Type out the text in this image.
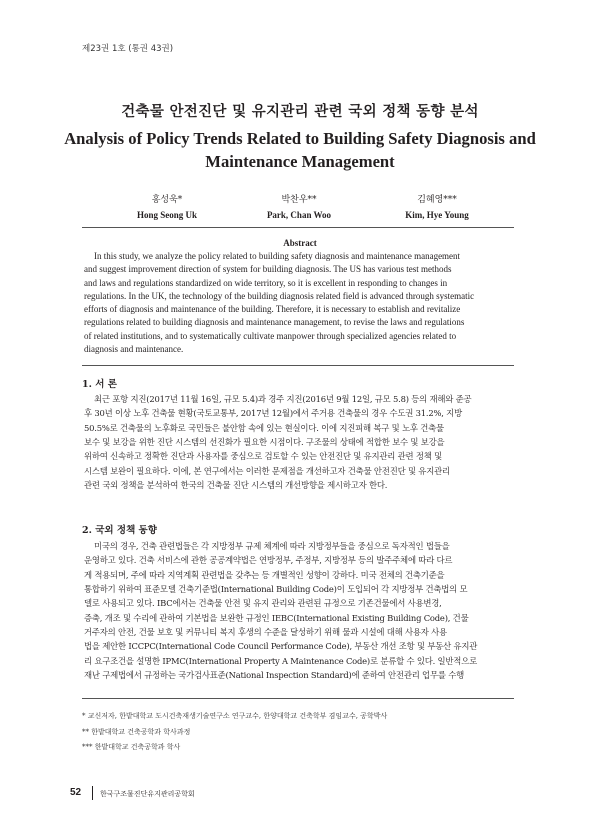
제23권 1호 (통권 43권)
건축물 안전진단 및 유지관리 관련 국외 정책 동향 분석
Analysis of Policy Trends Related to Building Safety Diagnosis and
Maintenance Management
홍성욱*
Hong Seong Uk
박찬우**
Park, Chan Woo
김혜영***
Kim, Hye Young
Abstract
In this study, we analyze the policy related to building safety diagnosis and maintenance management
and suggest improvement direction of system for building diagnosis. The US has various test methods
and laws and regulations standardized on wide territory, so it is excellent in responding to changes in
regulations. In the UK, the technology of the building diagnosis related field is advanced through systematic
efforts of diagnosis and maintenance of the building. Therefore, it is necessary to establish and revitalize
regulations related to building diagnosis and maintenance management, to revise the laws and regulations
of related institutions, and to systematically cultivate manpower through specialized agencies related to
diagnosis and maintenance.
1. 서 론
최근 포항 지진(2017년 11월 16일, 규모 5.4)과 경주 지진(2016년 9월 12일, 규모 5.8) 등의 재해와 준공
후 30년 이상 노후 건축물 현황(국토교통부, 2017년 12월)에서 주거용 건축물의 경우 수도권 31.2%, 지방
50.5%로 건축물의 노후화로 국민들은 불안함 속에 있는 현실이다. 이에 지진피해 복구 및 노후 건축물
보수 및 보강을 위한 진단 시스템의 선진화가 필요한 시점이다. 구조물의 상태에 적합한 보수 및 보강을
위하여 신속하고 정확한 진단과 사용자를 중심으로 검토할 수 있는 안전진단 및 유지관리 관련 정책 및
시스템 보완이 필요하다. 이에, 본 연구에서는 이러한 문제점을 개선하고자 건축물 안전진단 및 유지관리
관련 국외 정책을 분석하여 한국의 건축물 진단 시스템의 개선방향을 제시하고자 한다.
2. 국외 정책 동향
미국의 경우, 건축 관련법들은 각 지방정부 규제 체계에 따라 지방정부들을 중심으로 독자적인 법들을
운영하고 있다. 건축 서비스에 관한 공공계약법은 연방정부, 주정부, 지방정부 등의 발주주체에 따라 다르
게 적용되며, 주에 따라 지역계획 관련법을 갖추는 등 개별적인 성향이 강하다. 미국 전체의 건축기준을
통합하기 위하여 표준모델 건축기준법(International Building Code)이 도입되어 각 지방정부 건축법의 모
델로 사용되고 있다. IBC에서는 건축물 안전 및 유지 관리와 관련된 규정으로 기존건물에서 사용변경,
증축, 개조 및 수리에 관하여 기본법을 보완한 규정인 IEBC(International Existing Building Code), 건물
거주자의 안전, 건물 보호 및 커뮤니티 복지 후생의 수준을 달성하기 위해 물과 시설에 대해 사용자 사용
법을 제안한 ICCPC(International Code Council Performance Code), 부동산 개선 조항 및 부동산 유지관
리 요구조건을 설명한 IPMC(International Property A Maintenance Code)로 분류할 수 있다. 일반적으로
재난 구제법에서 규정하는 국가검사표준(National Inspection Standard)에 준하여 안전관리 업무를 수행
* 교신저자, 한밭대학교 도시건축재생기술연구소 연구교수, 한양대학교 건축학부 겸임교수, 공학박사
** 한밭대학교 건축공학과 학사과정
*** 한밭대학교 건축공학과 학사
52	한국구조물진단유지관리공학회
